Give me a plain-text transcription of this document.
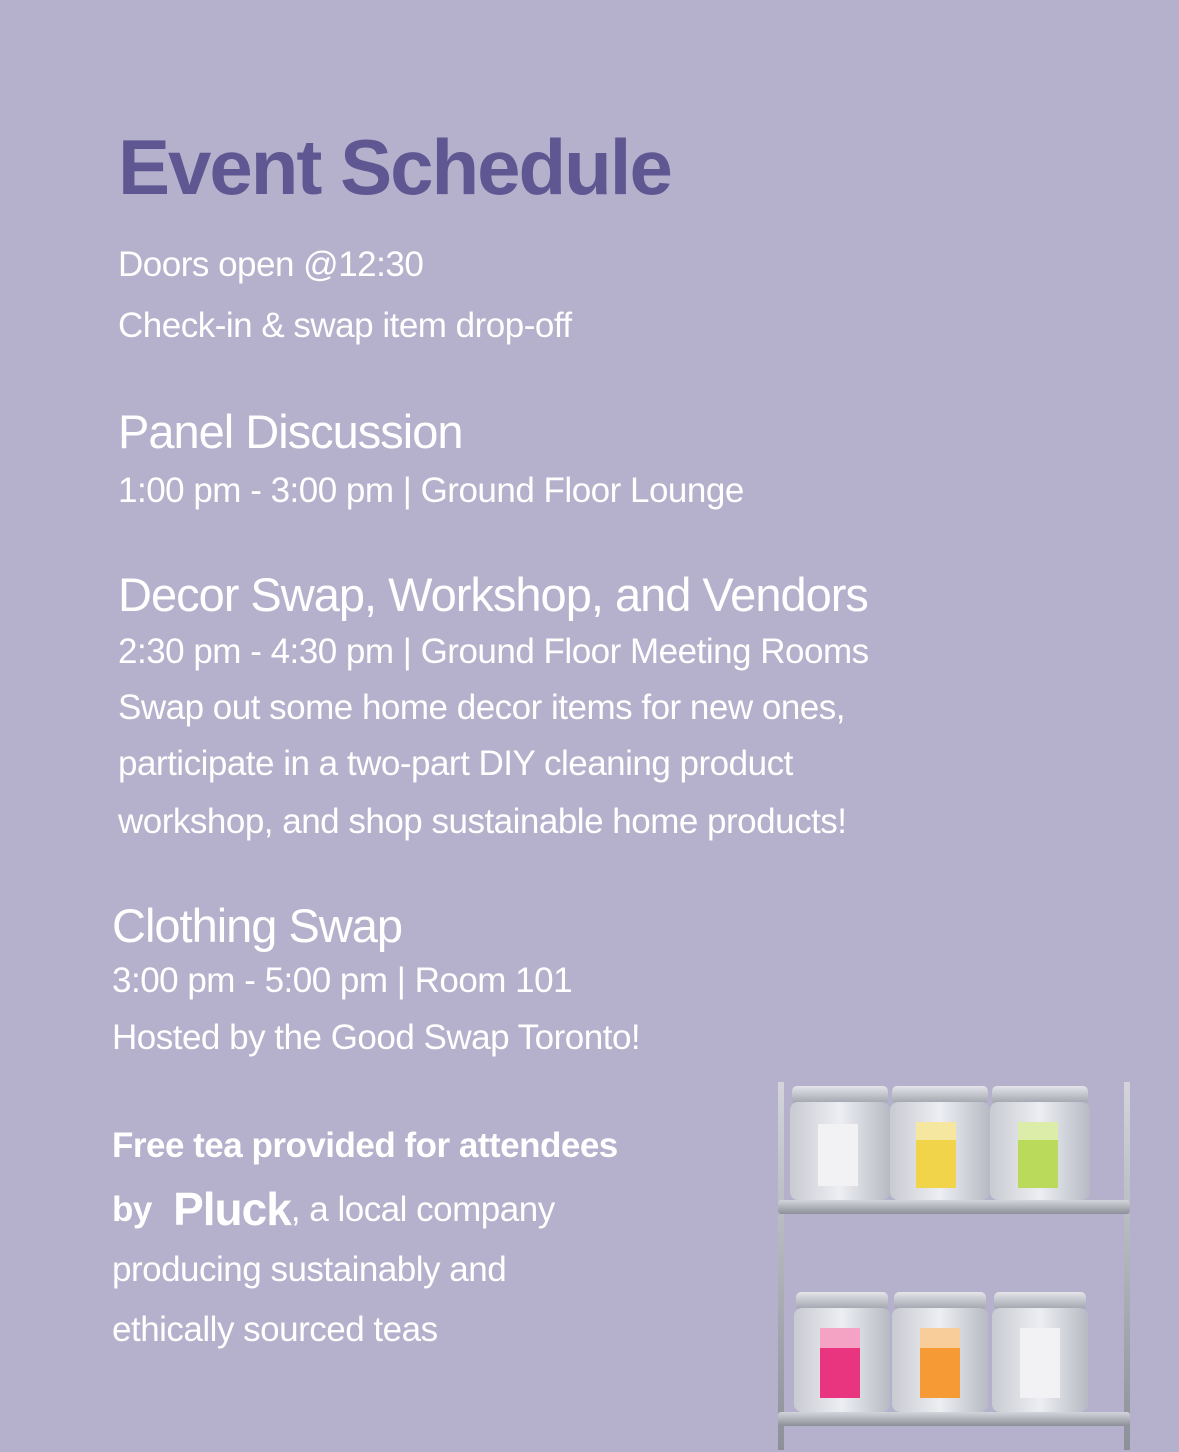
Event Schedule
Doors open @12:30
Check-in & swap item drop-off
Panel Discussion
1:00 pm - 3:00 pm | Ground Floor Lounge
Decor Swap, Workshop, and Vendors
2:30 pm - 4:30 pm | Ground Floor Meeting Rooms
Swap out some home decor items for new ones,
participate in a two-part DIY cleaning product
workshop, and shop sustainable home products!
Clothing Swap
3:00 pm - 5:00 pm | Room 101
Hosted by the Good Swap Toronto!
Free tea provided for attendees
by Pluck, a local company
producing sustainably and
ethically sourced teas
